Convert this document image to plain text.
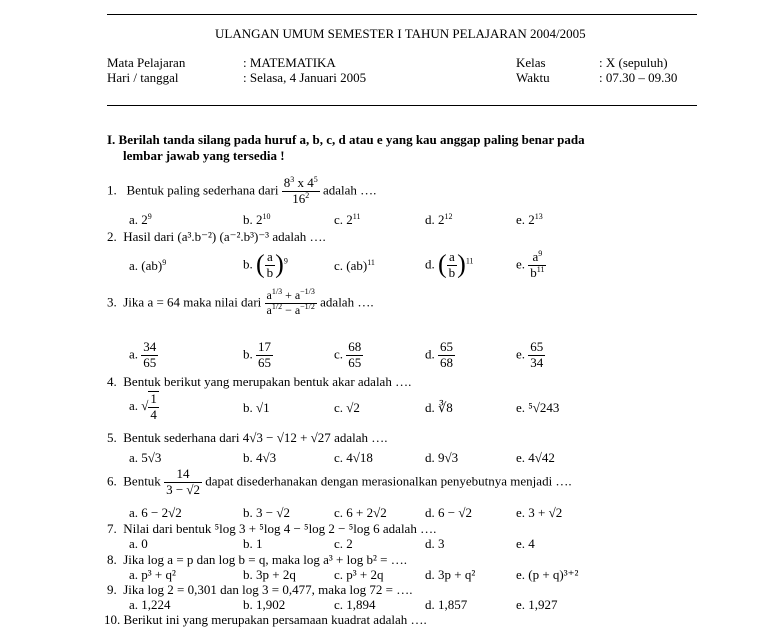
ULANGAN UMUM SEMESTER I TAHUN PELAJARAN 2004/2005
Mata Pelajaran	: MATEMATIKA
Hari / tanggal	: Selasa, 4 Januari 2005
Kelas	: X (sepuluh)
Waktu	: 07.30 – 09.30
I. Berilah tanda silang pada huruf a, b, c, d atau e yang kau anggap paling benar pada
lembar jawab yang tersedia !
1. Bentuk paling sederhana dari $\frac{8^3 x 4^5}{16^2}$ adalah ….
a. $2^9$	b. $2^{10}$	c. $2^{11}$	d. $2^{12}$	e. $2^{13}$
2. Hasil dari (a³.b⁻²) (a⁻².b³)⁻³ adalah ….
a. (ab)$^9$	b. ( $\frac{a}{b} )^9$	c. (ab)$^{11}$	d. ( $\frac{a}{b} )^{11}$	e. $\frac{a^9}{b^{11}}$
3. Jika a = 64 maka nilai dari $\frac{a^{1/3} + a^{-1/3}}{a^{1/2} - a^{-1/2}}$ adalah ….
a. $\frac{34}{65}$	b. $\frac{17}{65}$	c. $\frac{68}{65}$	d. $\frac{65}{68}$	e. $\frac{65}{34}$
4. Bentuk berikut yang merupakan bentuk akar adalah ….
a. √ $\frac{1}{4}$	b. √1	c. √2	d. ∛8	e. ⁵√243
5. Bentuk sederhana dari 4√3 − √12 + √27 adalah ….
a. 5√3	b. 4√3	c. 4√18	d. 9√3	e. 4√42
6. Bentuk $\frac{14}{3 - √2}$ dapat disederhanakan dengan merasionalkan penyebutnya menjadi ….
a. 6 − 2√2	b. 3 − √2	c. 6 + 2√2	d. 6 − √2	e. 3 + √2
7. Nilai dari bentuk ⁵log 3 + ⁵log 4 − ⁵log 2 − ⁵log 6 adalah ….
a. 0	b. 1	c. 2	d. 3	e. 4
8. Jika log a = p dan log b = q, maka log a³ + log b² = ….
a. p³ + q²	b. 3p + 2q	c. p³ + 2q	d. 3p + q²	e. (p + q)³⁺²
9. Jika log 2 = 0,301 dan log 3 = 0,477, maka log 72 = ….
a. 1,224	b. 1,902	c. 1,894	d. 1,857	e. 1,927
10. Berikut ini yang merupakan persamaan kuadrat adalah ….
